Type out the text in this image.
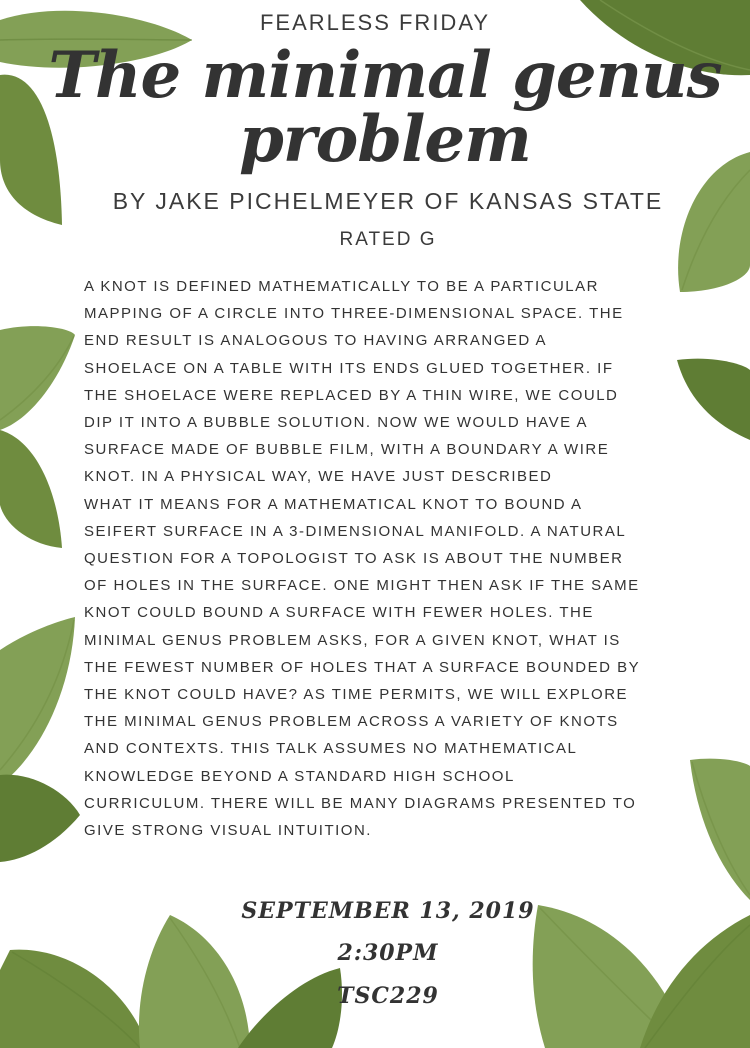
FEARLESS FRIDAY
The minimal genus
problem
BY JAKE PICHELMEYER OF KANSAS STATE
RATED G

A KNOT IS DEFINED MATHEMATICALLY TO BE A PARTICULAR
MAPPING OF A CIRCLE INTO THREE-DIMENSIONAL SPACE. THE
END RESULT IS ANALOGOUS TO HAVING ARRANGED A
SHOELACE ON A TABLE WITH ITS ENDS GLUED TOGETHER. IF
THE SHOELACE WERE REPLACED BY A THIN WIRE, WE COULD
DIP IT INTO A BUBBLE SOLUTION. NOW WE WOULD HAVE A
SURFACE MADE OF BUBBLE FILM, WITH A BOUNDARY A WIRE
KNOT. IN A PHYSICAL WAY, WE HAVE JUST DESCRIBED
WHAT IT MEANS FOR A MATHEMATICAL KNOT TO BOUND A
SEIFERT SURFACE IN A 3-DIMENSIONAL MANIFOLD. A NATURAL
QUESTION FOR A TOPOLOGIST TO ASK IS ABOUT THE NUMBER
OF HOLES IN THE SURFACE. ONE MIGHT THEN ASK IF THE SAME
KNOT COULD BOUND A SURFACE WITH FEWER HOLES. THE
MINIMAL GENUS PROBLEM ASKS, FOR A GIVEN KNOT, WHAT IS
THE FEWEST NUMBER OF HOLES THAT A SURFACE BOUNDED BY
THE KNOT COULD HAVE? AS TIME PERMITS, WE WILL EXPLORE
THE MINIMAL GENUS PROBLEM ACROSS A VARIETY OF KNOTS
AND CONTEXTS. THIS TALK ASSUMES NO MATHEMATICAL
KNOWLEDGE BEYOND A STANDARD HIGH SCHOOL
CURRICULUM. THERE WILL BE MANY DIAGRAMS PRESENTED TO
GIVE STRONG VISUAL INTUITION.

SEPTEMBER 13, 2019
2:30PM
TSC229
